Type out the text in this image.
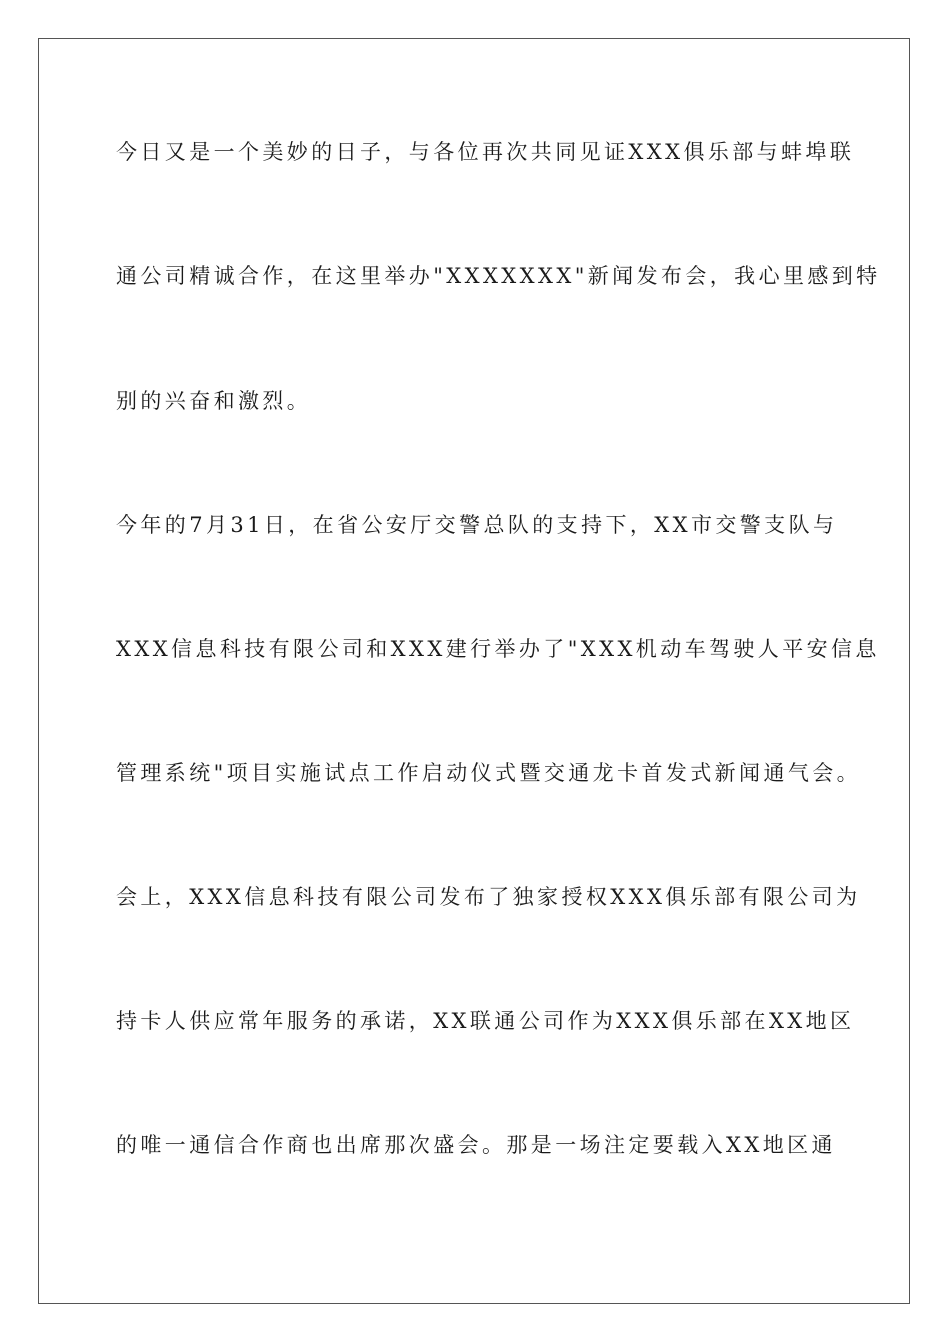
今日又是一个美妙的日子，与各位再次共同见证XXX俱乐部与蚌埠联
通公司精诚合作，在这里举办"XXXXXXX"新闻发布会，我心里感到特
别的兴奋和激烈。
今年的7月31日，在省公安厅交警总队的支持下，XX市交警支队与
XXX信息科技有限公司和XXX建行举办了"XXX机动车驾驶人平安信息
管理系统"项目实施试点工作启动仪式暨交通龙卡首发式新闻通气会。
会上，XXX信息科技有限公司发布了独家授权XXX俱乐部有限公司为
持卡人供应常年服务的承诺，XX联通公司作为XXX俱乐部在XX地区
的唯一通信合作商也出席那次盛会。那是一场注定要载入XX地区通
